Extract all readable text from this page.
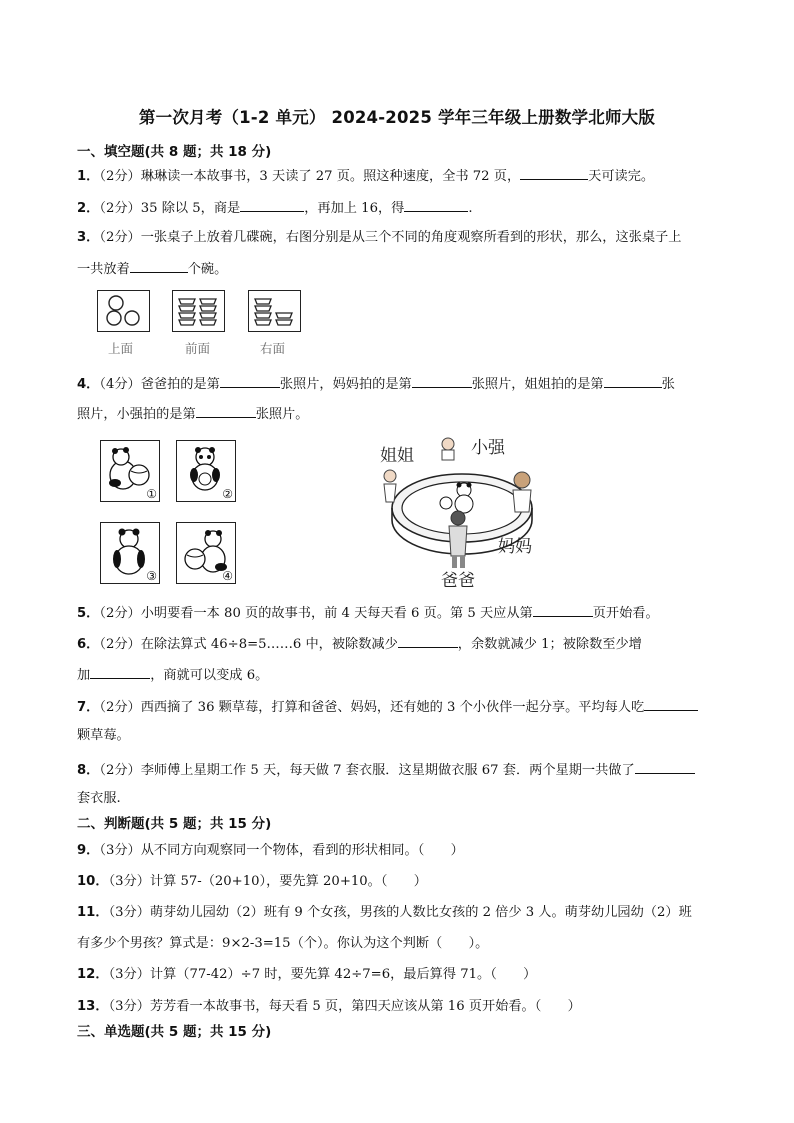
第一次月考（1-2 单元） 2024-2025 学年三年级上册数学北师大版
一、填空题(共 8 题；共 18 分)
1．（2分）琳琳读一本故事书，3 天读了 27 页。照这种速度，全书 72 页，	天可读完。
2．（2分）35 除以 5，商是	，再加上 16，得	.
3．（2分）一张桌子上放着几碟碗，右图分别是从三个不同的角度观察所看到的形状，那么，这张桌子上
一共放着	个碗。
上面	前面	右面
4．（4分）爸爸拍的是第	张照片，妈妈拍的是第	张照片，姐姐拍的是第	张
照片，小强拍的是第	张照片。
①	②
③	④
姐姐	小强
妈妈
爸爸
5．（2分）小明要看一本 80 页的故事书，前 4 天每天看 6 页。第 5 天应从第	页开始看。
6．（2分）在除法算式 46÷8=5……6 中，被除数减少	，余数就减少 1；被除数至少增
加	，商就可以变成 6。
7．（2分）西西摘了 36 颗草莓，打算和爸爸、妈妈，还有她的 3 个小伙伴一起分享。平均每人吃
颗草莓。
8．（2分）李师傅上星期工作 5 天，每天做 7 套衣服．这星期做衣服 67 套．两个星期一共做了
套衣服.
二、判断题(共 5 题；共 15 分)
9．（3分）从不同方向观察同一个物体，看到的形状相同。（　　）
10．（3分）计算 57-（20+10），要先算 20+10。（　　）
11．（3分）萌芽幼儿园幼（2）班有 9 个女孩，男孩的人数比女孩的 2 倍少 3 人。萌芽幼儿园幼（2）班
有多少个男孩？算式是：9×2-3=15（个）。你认为这个判断（　　）。
12．（3分）计算（77-42）÷7 时，要先算 42÷7=6，最后算得 71。（　　）
13．（3分）芳芳看一本故事书，每天看 5 页，第四天应该从第 16 页开始看。（　　）
三、单选题(共 5 题；共 15 分)
